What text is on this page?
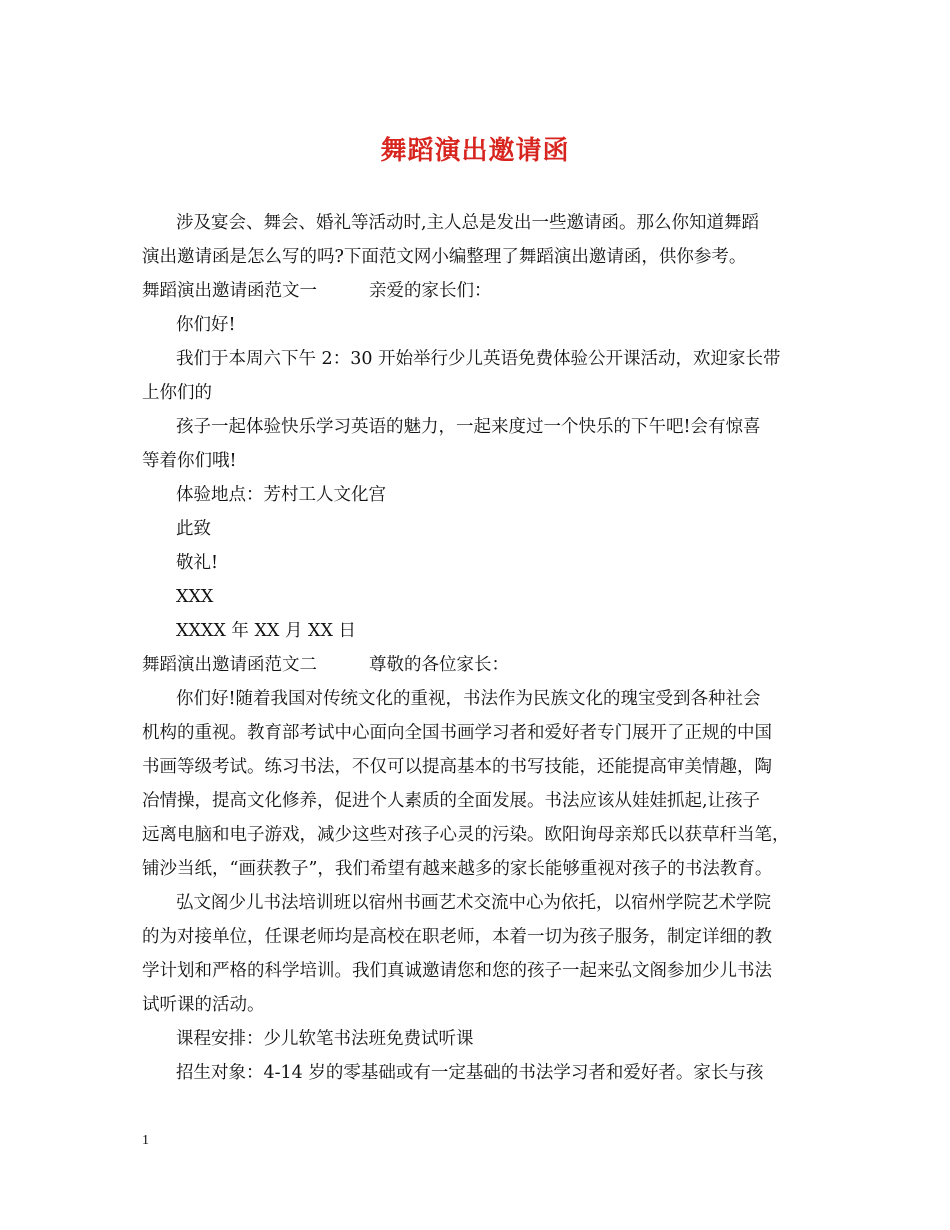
舞蹈演出邀请函
涉及宴会、舞会、婚礼等活动时,主人总是发出一些邀请函。那么你知道舞蹈
演出邀请函是怎么写的吗?下面范文网小编整理了舞蹈演出邀请函，供你参考。
舞蹈演出邀请函范文一	亲爱的家长们：
你们好!
我们于本周六下午 2：30 开始举行少儿英语免费体验公开课活动，欢迎家长带
上你们的
孩子一起体验快乐学习英语的魅力，一起来度过一个快乐的下午吧!会有惊喜
等着你们哦!
体验地点：芳村工人文化宫
此致
敬礼!
XXX
XXXX 年 XX 月 XX 日
舞蹈演出邀请函范文二	尊敬的各位家长：
你们好!随着我国对传统文化的重视，书法作为民族文化的瑰宝受到各种社会
机构的重视。教育部考试中心面向全国书画学习者和爱好者专门展开了正规的中国
书画等级考试。练习书法，不仅可以提高基本的书写技能，还能提高审美情趣，陶
冶情操，提高文化修养，促进个人素质的全面发展。书法应该从娃娃抓起,让孩子
远离电脑和电子游戏，减少这些对孩子心灵的污染。欧阳询母亲郑氏以获草秆当笔，
铺沙当纸，“画获教子”，我们希望有越来越多的家长能够重视对孩子的书法教育。
弘文阁少儿书法培训班以宿州书画艺术交流中心为依托，以宿州学院艺术学院
的为对接单位，任课老师均是高校在职老师，本着一切为孩子服务，制定详细的教
学计划和严格的科学培训。我们真诚邀请您和您的孩子一起来弘文阁参加少儿书法
试听课的活动。
课程安排：少儿软笔书法班免费试听课
招生对象：4-14 岁的零基础或有一定基础的书法学习者和爱好者。家长与孩
1
